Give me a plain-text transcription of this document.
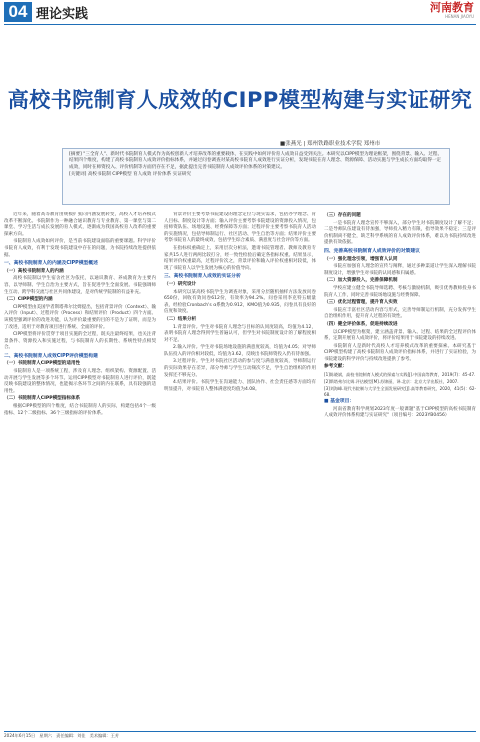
04 理论实践	河南教育
HENAN JIAOYU
高校书院制育人成效的CIPP模型构建与实证研究
■张燕光 | 郑州铁路职业技术学院 郑州市
[摘要] "三全育人"、新时代书院制育人模式作为高校创新人才培养改革的重要载体，在实践中如何评价育人成效日益受到关注。本研究以CIPP模型为理论框架，围绕背景、输入、过程、结果四个维度，构建了高校书院制育人成效评价指标体系，并通过问卷调查对某高校书院育人成效进行实证分析，发现书院在育人理念、资源保障、活动实施与学生成长方面均取得一定成效，同时在师资投入、评价机制等方面仍存在不足，据此提出完善书院制育人成效评价体系的对策建议。
[关键词] 高校书院制 CIPP模型 育人成效 评价体系 实证研究

近年来，随着高等教育由规模扩张向内涵发展转变，高校人才培养模式改革不断深化。书院制作为一种融合通识教育与专业教育、第一课堂与第二课堂、学习生活与成长发展的育人模式，逐渐成为我国高校育人改革的重要探索方向。

书院制育人成效如何评价，是当前书院建设面临的重要课题。科学评价书院育人成效，有利于发现书院建设中存在的问题，为书院持续改进提供依据。

一、高校书院制育人的内涵及CIPP模型概述
（一）高校书院制育人的内涵

高校书院制以学生宿舍社区为依托，以通识教育、养成教育为主要内容，以导师制、学生自治为主要方式，旨在促进学生全面发展。书院强调师生互动、跨学科交流与社区共同体建设，是对传统学院制的有益补充。

（二）CIPP模型的内涵

CIPP模型由美国学者斯塔弗尔比姆提出，包括背景评价（Context）、输入评价（Input）、过程评价（Process）和结果评价（Product）四个方面。该模型强调评价的改进功能，认为评价最重要的目的不是为了证明，而是为了改进，适用于对教育项目进行系统、全面的评价。

CIPP模型将评价贯穿于项目实施的全过程，既关注最终结果，也关注背景条件、资源投入和实施过程，与书院制育人的长期性、系统性特点相契合。

二、高校书院制育人成效CIPP评价模型构建
（一）书院制育人CIPP模型的适用性

书院制育人是一项系统工程，涉及育人理念、组织架构、资源配置、活动开展与学生发展等多个环节。运用CIPP模型对书院制育人进行评价，既能反映书院建设的整体情况，也能揭示各环节之间的内在联系，具有较强的适用性。

（二）书院制育人CIPP模型指标体系

根据CIPP模型的四个维度，结合书院制育人的实际，构建包括4个一级指标、12个二级指标、36个三级指标的评价体系。

背景评价主要考察书院建设的理念定位与现实需求，包括办学理念、育人目标、制度设计等方面；输入评价主要考察书院建设的资源投入情况，包括师资队伍、场地设施、经费保障等方面；过程评价主要考察书院育人活动的实施情况，包括导师制运行、社区活动、学生自治等方面；结果评价主要考察书院育人的最终成效，包括学生综合素质、满意度与社会评价等方面。

在指标权重确定上，采用层次分析法，邀请书院管理者、教师及教育专家共15人进行两两比较打分，经一致性检验后确定各指标权重。结果显示，结果评价权重最高，过程评价次之，背景评价和输入评价权重相对较低，体现了书院育人以学生发展为核心的价值导向。

三、高校书院制育人成效的实证分析
（一）研究设计

本研究以某高校书院学生为调查对象，采用分层随机抽样方法发放问卷650份，回收有效问卷612份，有效率为94.2%。问卷采用李克特五级量表，经检验Cronbach's α系数为0.912，KMO值为0.935，问卷具有良好的信度和效度。

（二）结果分析

1.背景评价。学生对书院育人理念与目标的认同度较高，均值为4.12，表明书院育人理念得到学生普遍认可，但学生对书院制度设计的了解程度相对不足。

2.输入评价。学生对书院场地设施的满意度较高，均值为4.05；对导师队伍投入的评价相对较低，均值为3.62，反映出书院师资投入仍有待加强。

3.过程评价。学生对书院社区活动的参与度与满意度较高，导师制运行的实际效果存在差异，部分导师与学生互动频次不足，学生自治组织的作用发挥还不够充分。

4.结果评价。书院学生在沟通能力、团队协作、社会责任感等方面均有明显提升，对书院育人整体满意度均值为4.08。

（三）存在的问题

一是书院育人理念宣传不够深入，部分学生对书院制度设计了解不足；二是导师队伍建设有待加强，导师投入精力有限，指导效果不稳定；三是评价机制尚不健全，缺乏科学系统的育人成效评价体系，难以为书院持续改进提供有效依据。

四、完善高校书院制育人成效评价的对策建议
（一）强化理念引领，增强育人认同

书院应加强育人理念的宣传与阐释，通过多种渠道让学生深入理解书院制度设计，增强学生对书院的认同感和归属感。

（二）加大资源投入，完善保障机制

学校应建立健全书院导师选聘、考核与激励机制，吸引优秀教师投身书院育人工作，同时完善书院场地设施与经费保障。

（三）优化过程管理，提升育人实效

书院应丰富社区活动内容与形式，完善导师制运行机制，充分发挥学生自治组织作用，提升育人过程的有效性。

（四）健全评价体系，促进持续改进

以CIPP模型为框架，建立涵盖背景、输入、过程、结果的全过程评价体系，定期开展育人成效评价，将评价结果用于书院建设的持续改进。

书院制育人是新时代高校人才培养模式改革的重要探索。本研究基于CIPP模型构建了高校书院制育人成效评价指标体系，并进行了实证检验，为书院建设的科学评价与持续改进提供了参考。

参考文献：

[1]陈晓斌，高校书院制育人模式的探索与实践[J].中国高等教育，2019(7)：45-47.

[2]斯塔弗尔比姆.评估模型[M].苏锦丽，译.北京：北京大学出版社，2007.

[3]刘海峰.现代书院制与大学生全面发展研究[J].高等教育研究，2020，41(5)：62-68.

■ 基金项目：

河南省教育科学规划2023年度一般课题"基于CIPP模型的高校书院制育人成效评价体系构建与实证研究"（项目编号：2023YB0456）

2024年6月15日　星期六　责任编辑：刘佳　美术编辑：王芳
